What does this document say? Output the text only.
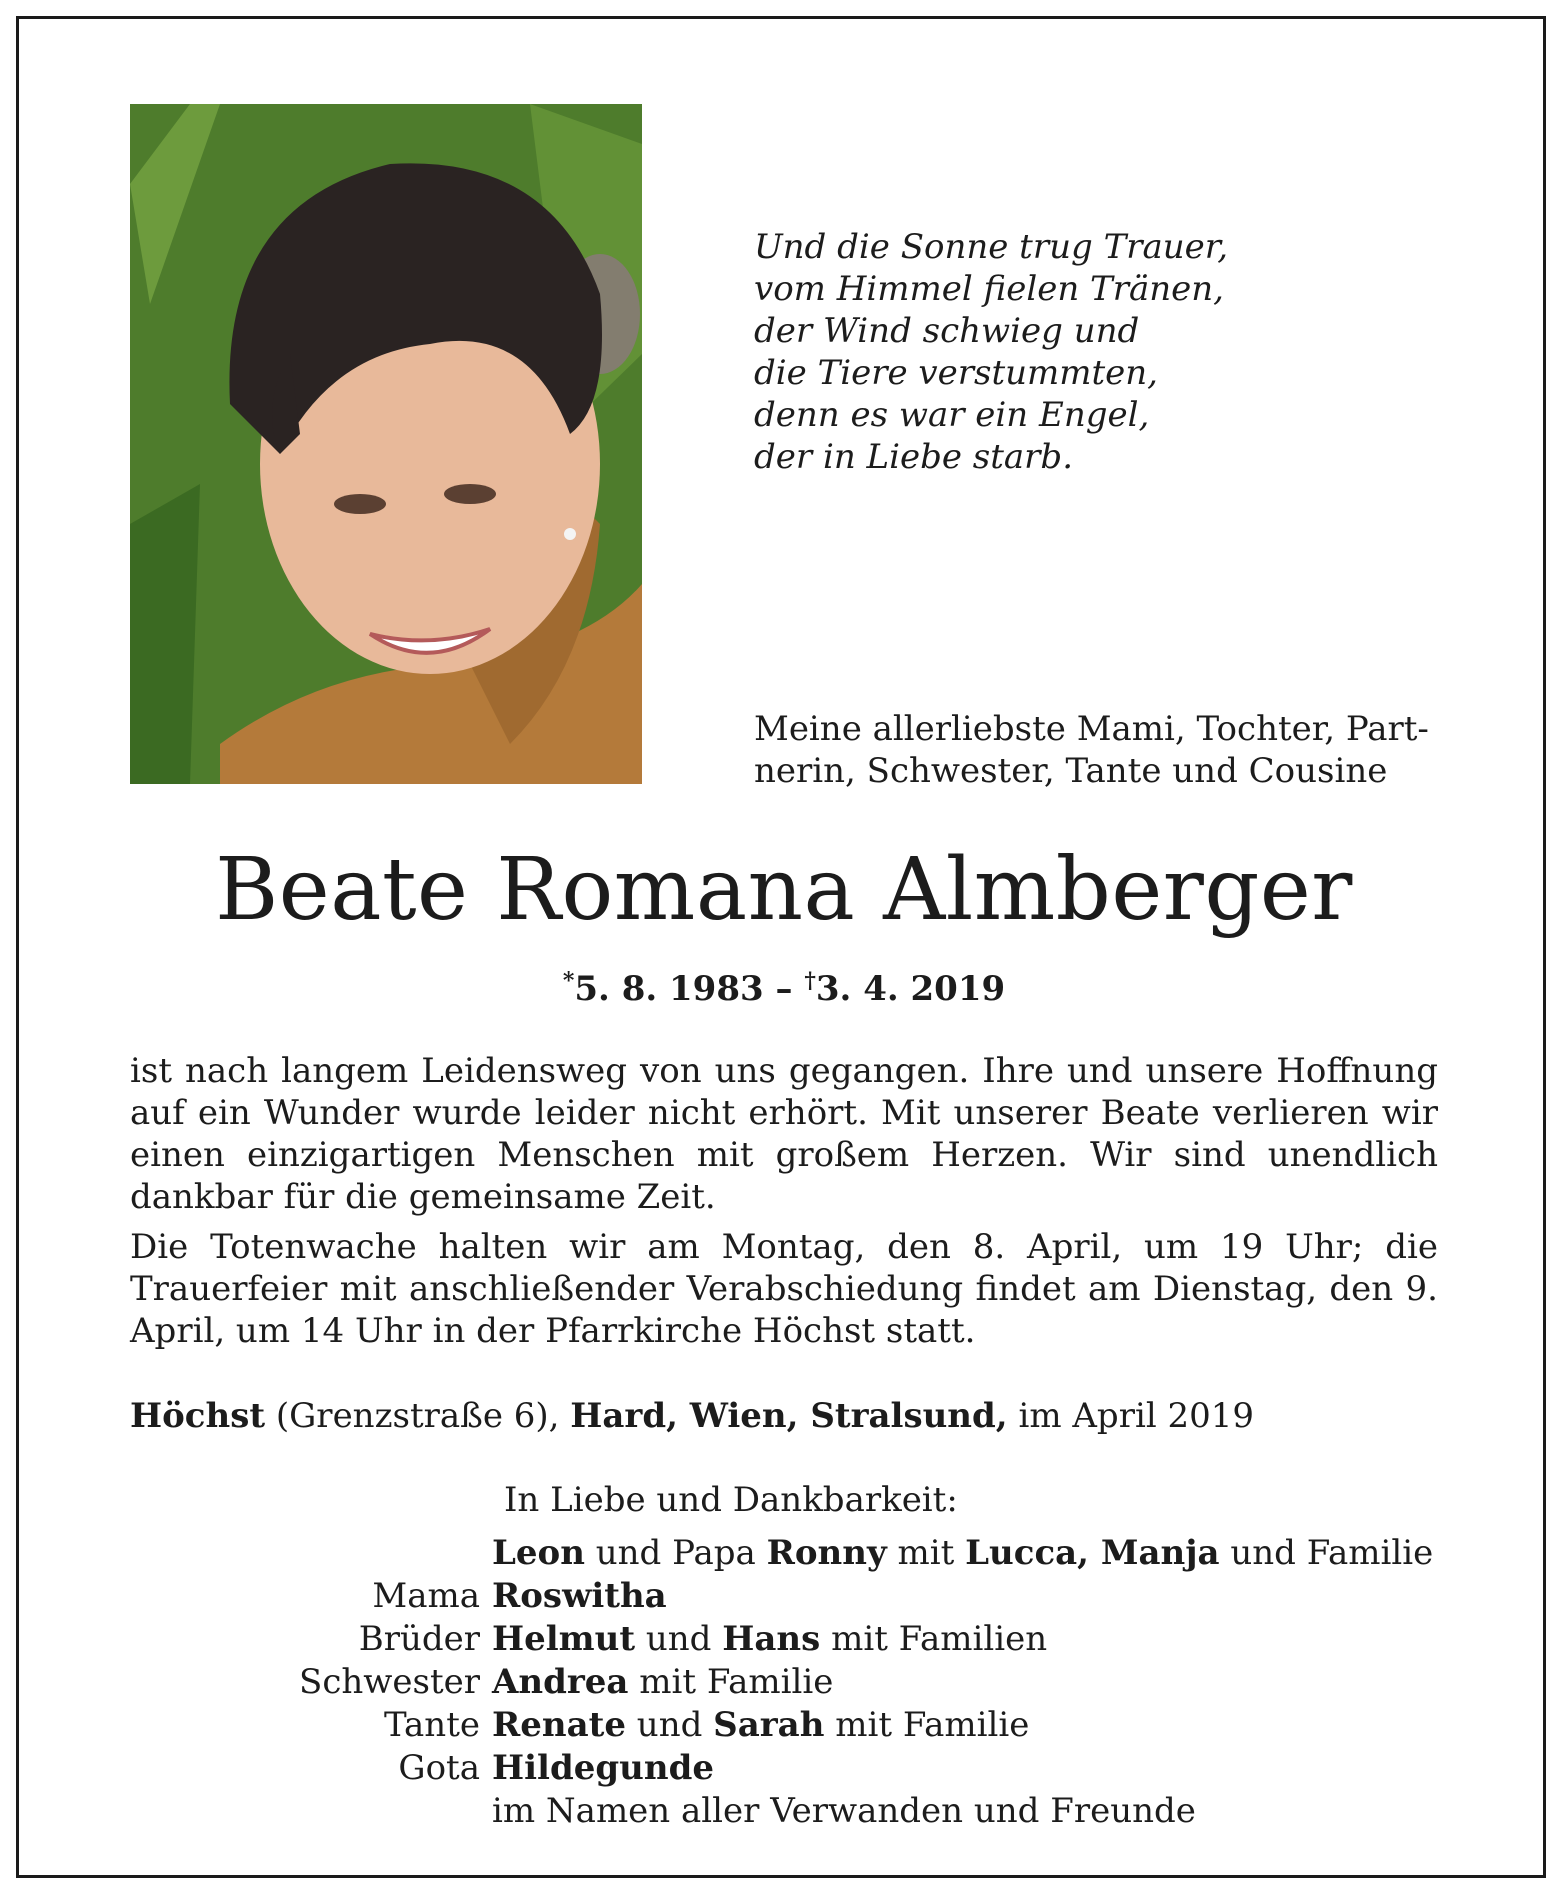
Und die Sonne trug Trauer,
vom Himmel fielen Tränen,
der Wind schwieg und
die Tiere verstummten,
denn es war ein Engel,
der in Liebe starb.
Meine allerliebste Mami, Tochter, Part-
nerin, Schwester, Tante und Cousine
Beate Romana Almberger
*5. 8. 1983 – †3. 4. 2019
ist nach langem Leidensweg von uns gegangen. Ihre und unsere Hoffnung auf ein Wunder wurde leider nicht erhört. Mit unserer Beate verlieren wir einen einzigartigen Menschen mit großem Herzen. Wir sind unendlich dankbar für die gemeinsame Zeit.
Die Totenwache halten wir am Montag, den 8. April, um 19 Uhr; die Trauerfeier mit anschließender Verabschiedung findet am Dienstag, den 9. April, um 14 Uhr in der Pfarrkirche Höchst statt.
Höchst (Grenzstraße 6), Hard, Wien, Stralsund, im April 2019
In Liebe und Dankbarkeit:
Leon und Papa Ronny mit Lucca, Manja und Familie
Mama Roswitha
Brüder Helmut und Hans mit Familien
Schwester Andrea mit Familie
Tante Renate und Sarah mit Familie
Gota Hildegunde
im Namen aller Verwanden und Freunde
